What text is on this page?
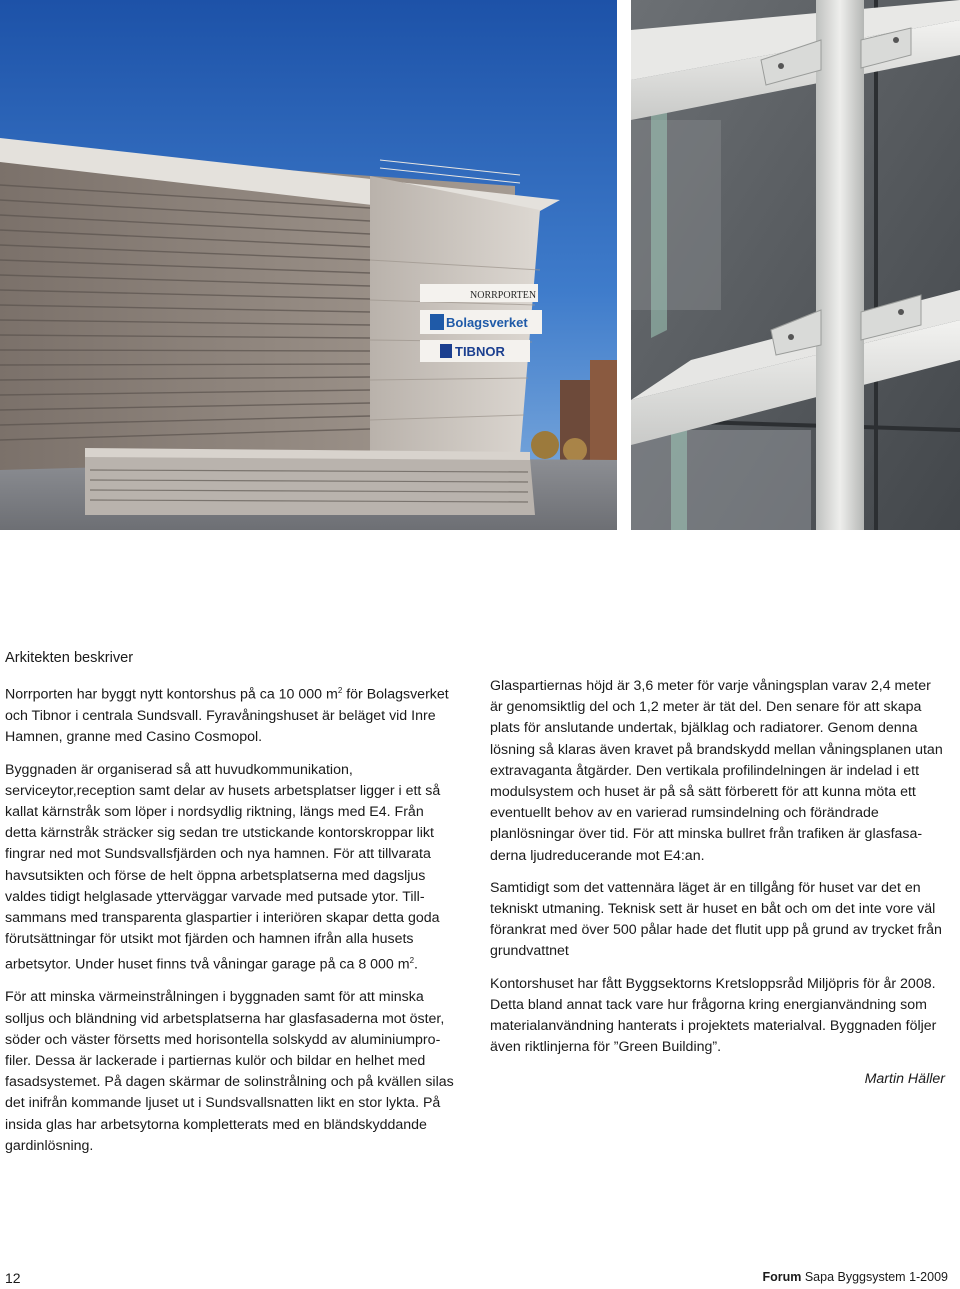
NORRPORTEN
Bolagsverket
TIBNOR

Arkitekten beskriver

Norrporten har byggt nytt kontorshus på ca 10 000 $m^2$ för Bolagsverket och Tibnor i centrala Sundsvall. Fyravåningshuset är beläget vid Inre Hamnen, granne med Casino Cosmopol.

Byggnaden är organiserad så att huvudkommunikation, serviceytor,reception samt delar av husets arbetsplatser ligger i ett så kallat kärnstråk som löper i nordsydlig riktning, längs med E4. Från detta kärnstråk sträcker sig sedan tre utstickande kontorskroppar likt fingrar ned mot Sundsvallsfjärden och nya hamnen. För att tillvarata havsutsikten och förse de helt öppna arbetsplatserna med dagsljus valdes tidigt helglasade ytterväggar varvade med putsade ytor. Tillsammans med transparenta glaspartier i interiören skapar detta goda förutsättningar för utsikt mot fjärden och hamnen ifrån alla husets arbetsytor. Under huset finns två våningar garage på ca 8 000 $m^2$.

För att minska värmeinstrålningen i byggnaden samt för att minska solljus och bländning vid arbetsplatserna har glasfasaderna mot öster, söder och väster försetts med horisontella solskydd av aluminiumprofiler. Dessa är lackerade i partiernas kulör och bildar en helhet med fasadsystemet. På dagen skärmar de solinstrålning och på kvällen silas det inifrån kommande ljuset ut i Sundsvallsnatten likt en stor lykta. På insida glas har arbetsytorna kompletterats med en bländskyddande gardinlösning.

Glaspartiernas höjd är 3,6 meter för varje våningsplan varav 2,4 meter är genomsiktlig del och 1,2 meter är tät del. Den senare för att skapa plats för anslutande undertak, bjälklag och radiatorer. Genom denna lösning så klaras även kravet på brandskydd mellan våningsplanen utan extravaganta åtgärder. Den vertikala profilindelningen är indelad i ett modulsystem och huset är på så sätt förberett för att kunna möta ett eventuellt behov av en varierad rumsindelning och förändrade planlösningar över tid. För att minska bullret från trafiken är glasfasaderna ljudreducerande mot E4:an.

Samtidigt som det vattennära läget är en tillgång för huset var det en tekniskt utmaning. Teknisk sett är huset en båt och om det inte vore väl förankrat med över 500 pålar hade det flutit upp på grund av trycket från grundvattnet

Kontorshuset har fått Byggsektorns Kretsloppsråd Miljöpris för år 2008. Detta bland annat tack vare hur frågorna kring energianvändning som materialanvändning hanterats i projektets materialval. Byggnaden följer även riktlinjerna för ”Green Building”.

Martin Häller

12	Forum Sapa Byggsystem 1-2009
